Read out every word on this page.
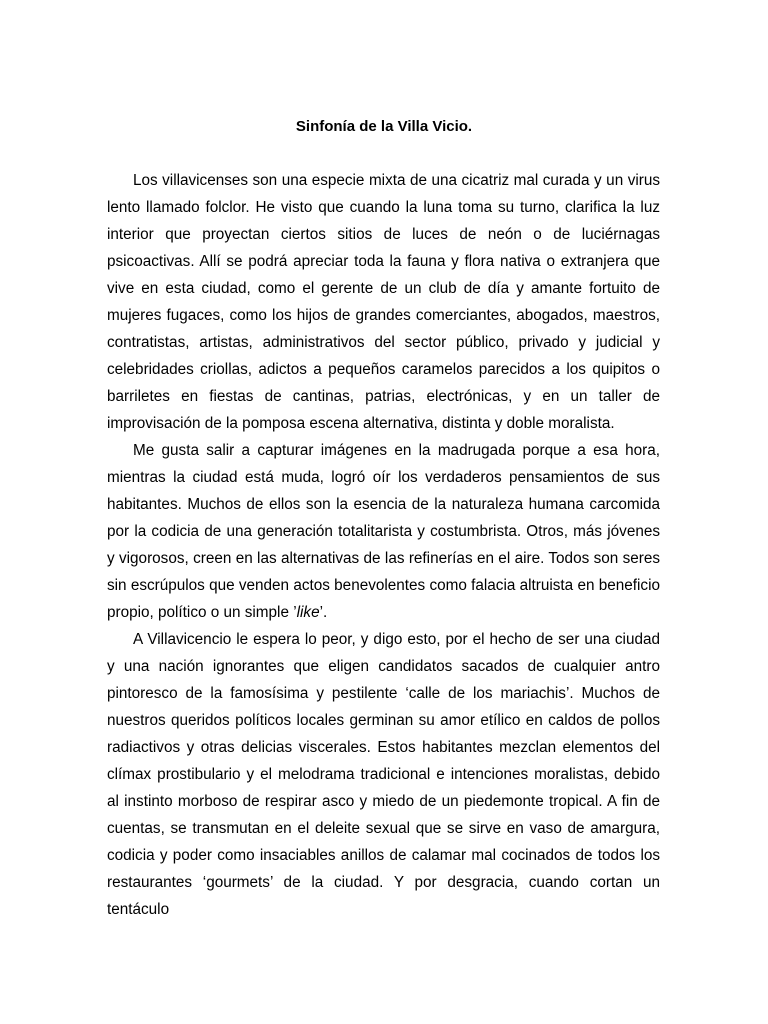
Sinfonía de la Villa Vicio.

Los villavicenses son una especie mixta de una cicatriz mal curada y un virus lento llamado folclor. He visto que cuando la luna toma su turno, clarifica la luz interior que proyectan ciertos sitios de luces de neón o de luciérnagas psicoactivas. Allí se podrá apreciar toda la fauna y flora nativa o extranjera que vive en esta ciudad, como el gerente de un club de día y amante fortuito de mujeres fugaces, como los hijos de grandes comerciantes, abogados, maestros, contratistas, artistas, administrativos del sector público, privado y judicial y celebridades criollas, adictos a pequeños caramelos parecidos a los quipitos o barriletes en fiestas de cantinas, patrias, electrónicas, y en un taller de improvisación de la pomposa escena alternativa, distinta y doble moralista.

Me gusta salir a capturar imágenes en la madrugada porque a esa hora, mientras la ciudad está muda, logró oír los verdaderos pensamientos de sus habitantes. Muchos de ellos son la esencia de la naturaleza humana carcomida por la codicia de una generación totalitarista y costumbrista. Otros, más jóvenes y vigorosos, creen en las alternativas de las refinerías en el aire. Todos son seres sin escrúpulos que venden actos benevolentes como falacia altruista en beneficio propio, político o un simple ’like’.

A Villavicencio le espera lo peor, y digo esto, por el hecho de ser una ciudad y una nación ignorantes que eligen candidatos sacados de cualquier antro pintoresco de la famosísima y pestilente ‘calle de los mariachis’. Muchos de nuestros queridos políticos locales germinan su amor etílico en caldos de pollos radiactivos y otras delicias viscerales. Estos habitantes mezclan elementos del clímax prostibulario y el melodrama tradicional e intenciones moralistas, debido al instinto morboso de respirar asco y miedo de un piedemonte tropical. A fin de cuentas, se transmutan en el deleite sexual que se sirve en vaso de amargura, codicia y poder como insaciables anillos de calamar mal cocinados de todos los restaurantes ‘gourmets’ de la ciudad. Y por desgracia, cuando cortan un tentáculo
